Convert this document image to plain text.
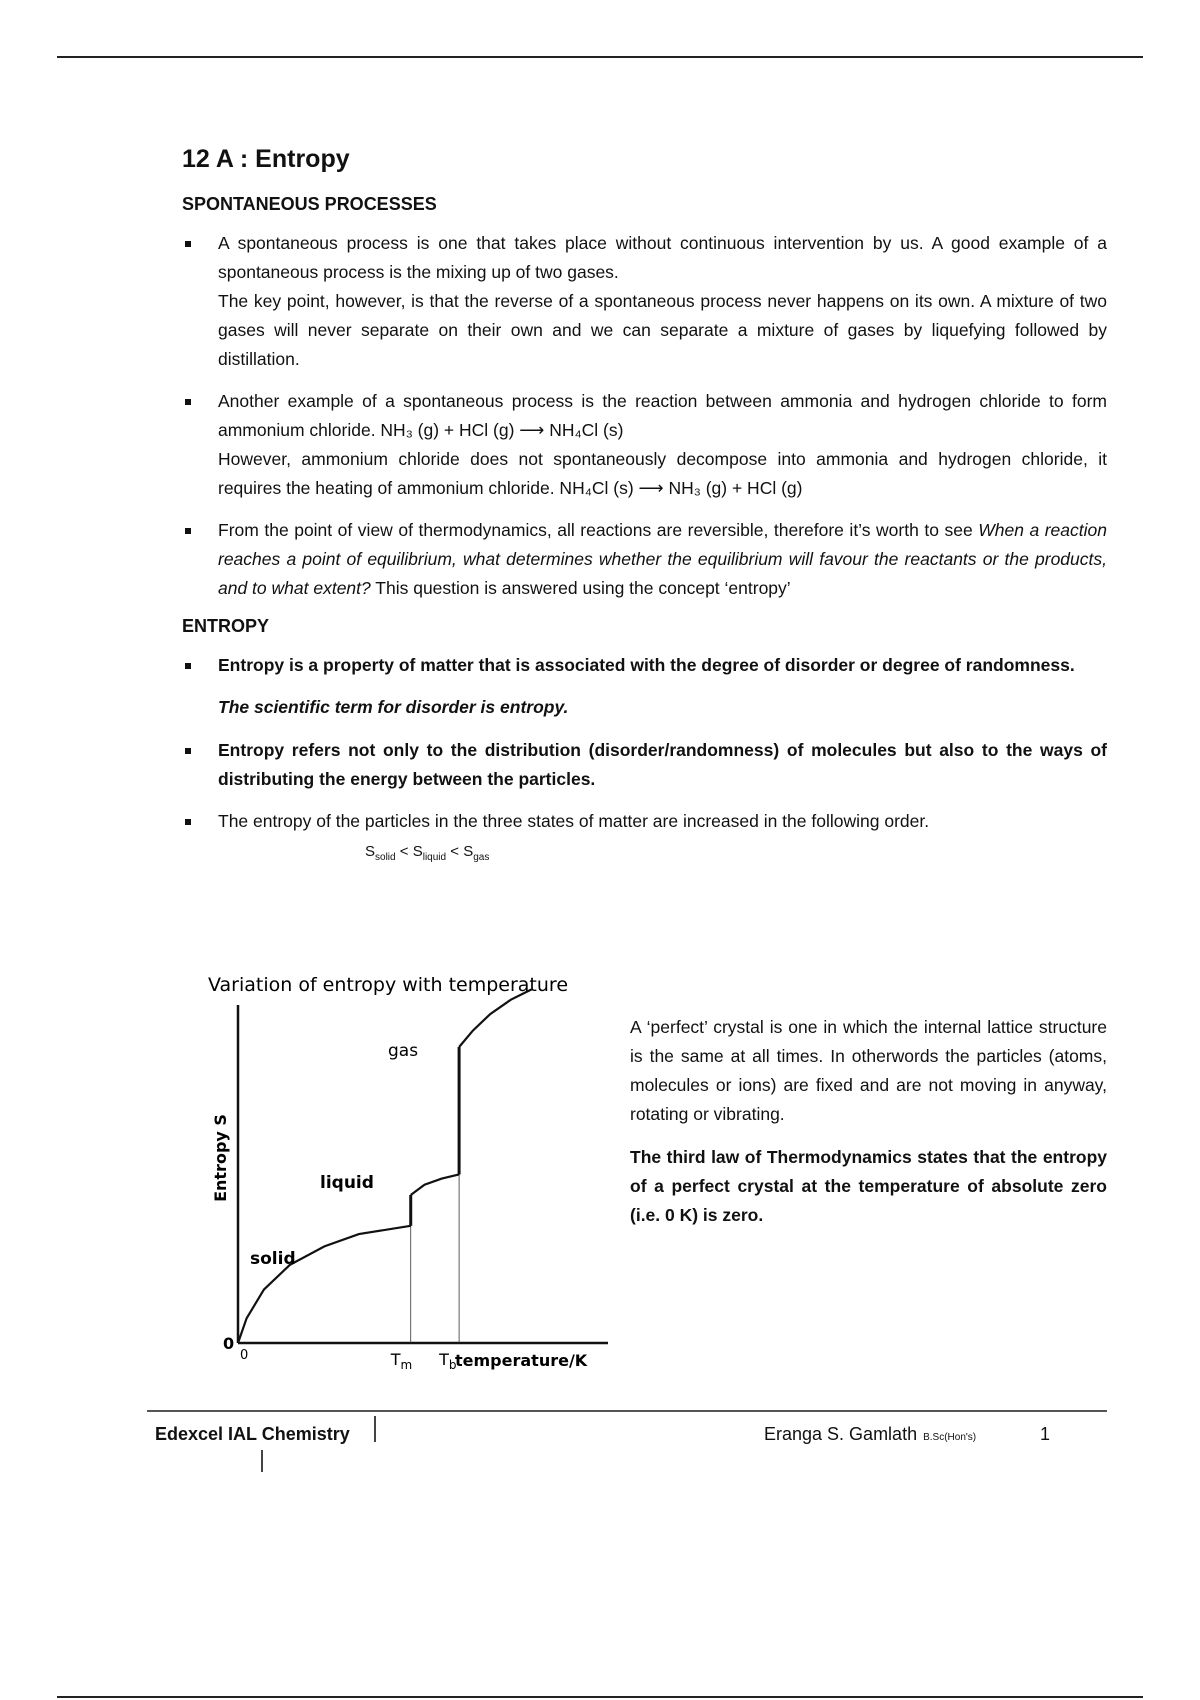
12 A : Entropy
SPONTANEOUS PROCESSES

A spontaneous process is one that takes place without continuous intervention by us. A good example of a spontaneous process is the mixing up of two gases.

The key point, however, is that the reverse of a spontaneous process never happens on its own. A mixture of two gases will never separate on their own and we can separate a mixture of gases by liquefying followed by distillation.

Another example of a spontaneous process is the reaction between ammonia and hydrogen chloride to form ammonium chloride. NH₃ (g) + HCl (g) ⟶ NH₄Cl (s)

However, ammonium chloride does not spontaneously decompose into ammonia and hydrogen chloride, it requires the heating of ammonium chloride. NH₄Cl (s) ⟶ NH₃ (g) + HCl (g)

From the point of view of thermodynamics, all reactions are reversible, therefore it’s worth to see When a reaction reaches a point of equilibrium, what determines whether the equilibrium will favour the reactants or the products, and to what extent? This question is answered using the concept ‘entropy’

ENTROPY

Entropy is a property of matter that is associated with the degree of disorder or degree of randomness.

The scientific term for disorder is entropy.

Entropy refers not only to the distribution (disorder/randomness) of molecules but also to the ways of distributing the energy between the particles.

The entropy of the particles in the three states of matter are increased in the following order.

$S_{solid} < S_{liquid} < S_{gas}$
Variation of entropy with temperature
0
0
Entropy S
temperature/K
$T_m$ $T_b$
solid
liquid
gas

A ‘perfect’ crystal is one in which the internal lattice structure is the same at all times. In otherwords the particles (atoms, molecules or ions) are fixed and are not moving in anyway, rotating or vibrating.

The third law of Thermodynamics states that the entropy of a perfect crystal at the temperature of absolute zero (i.e. 0 K) is zero.

Edexcel IAL Chemistry	Eranga S. Gamlath B.Sc(Hon's)	1
